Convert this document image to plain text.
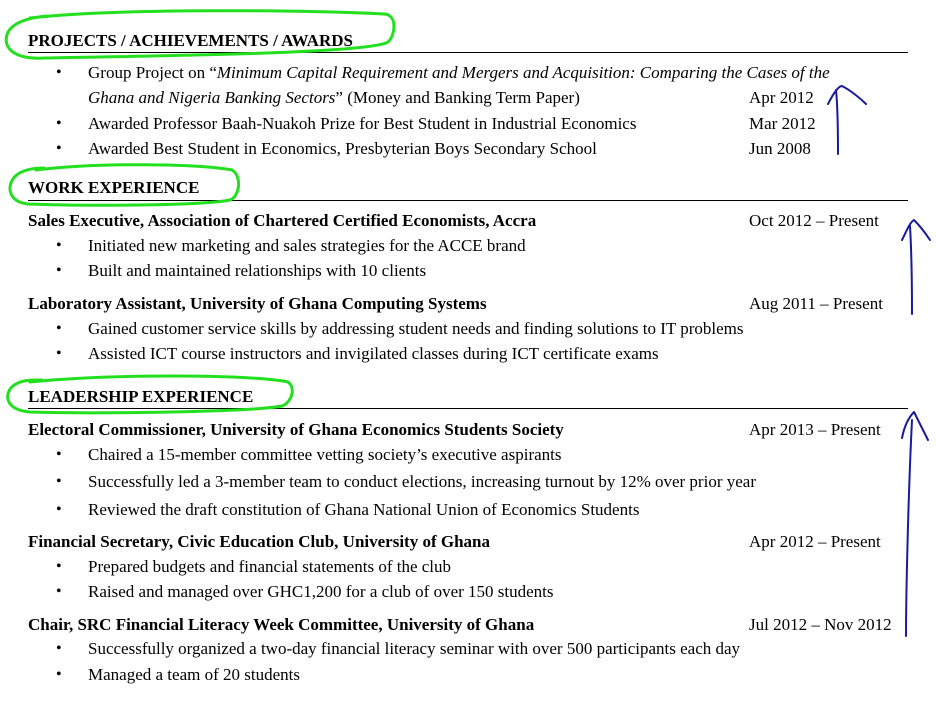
PROJECTS / ACHIEVEMENTS / AWARDS
• Group Project on “Minimum Capital Requirement and Mergers and Acquisition: Comparing the Cases of the
Ghana and Nigeria Banking Sectors” (Money and Banking Term Paper)	Apr 2012
• Awarded Professor Baah-Nuakoh Prize for Best Student in Industrial Economics	Mar 2012
• Awarded Best Student in Economics, Presbyterian Boys Secondary School	Jun 2008
WORK EXPERIENCE
Sales Executive, Association of Chartered Certified Economists, Accra	Oct 2012 – Present
• Initiated new marketing and sales strategies for the ACCE brand
• Built and maintained relationships with 10 clients
Laboratory Assistant, University of Ghana Computing Systems	Aug 2011 – Present
• Gained customer service skills by addressing student needs and finding solutions to IT problems
• Assisted ICT course instructors and invigilated classes during ICT certificate exams
LEADERSHIP EXPERIENCE
Electoral Commissioner, University of Ghana Economics Students Society	Apr 2013 – Present
• Chaired a 15-member committee vetting society’s executive aspirants
• Successfully led a 3-member team to conduct elections, increasing turnout by 12% over prior year
• Reviewed the draft constitution of Ghana National Union of Economics Students
Financial Secretary, Civic Education Club, University of Ghana	Apr 2012 – Present
• Prepared budgets and financial statements of the club
• Raised and managed over GHC1,200 for a club of over 150 students
Chair, SRC Financial Literacy Week Committee, University of Ghana	Jul 2012 – Nov 2012
• Successfully organized a two-day financial literacy seminar with over 500 participants each day
• Managed a team of 20 students
